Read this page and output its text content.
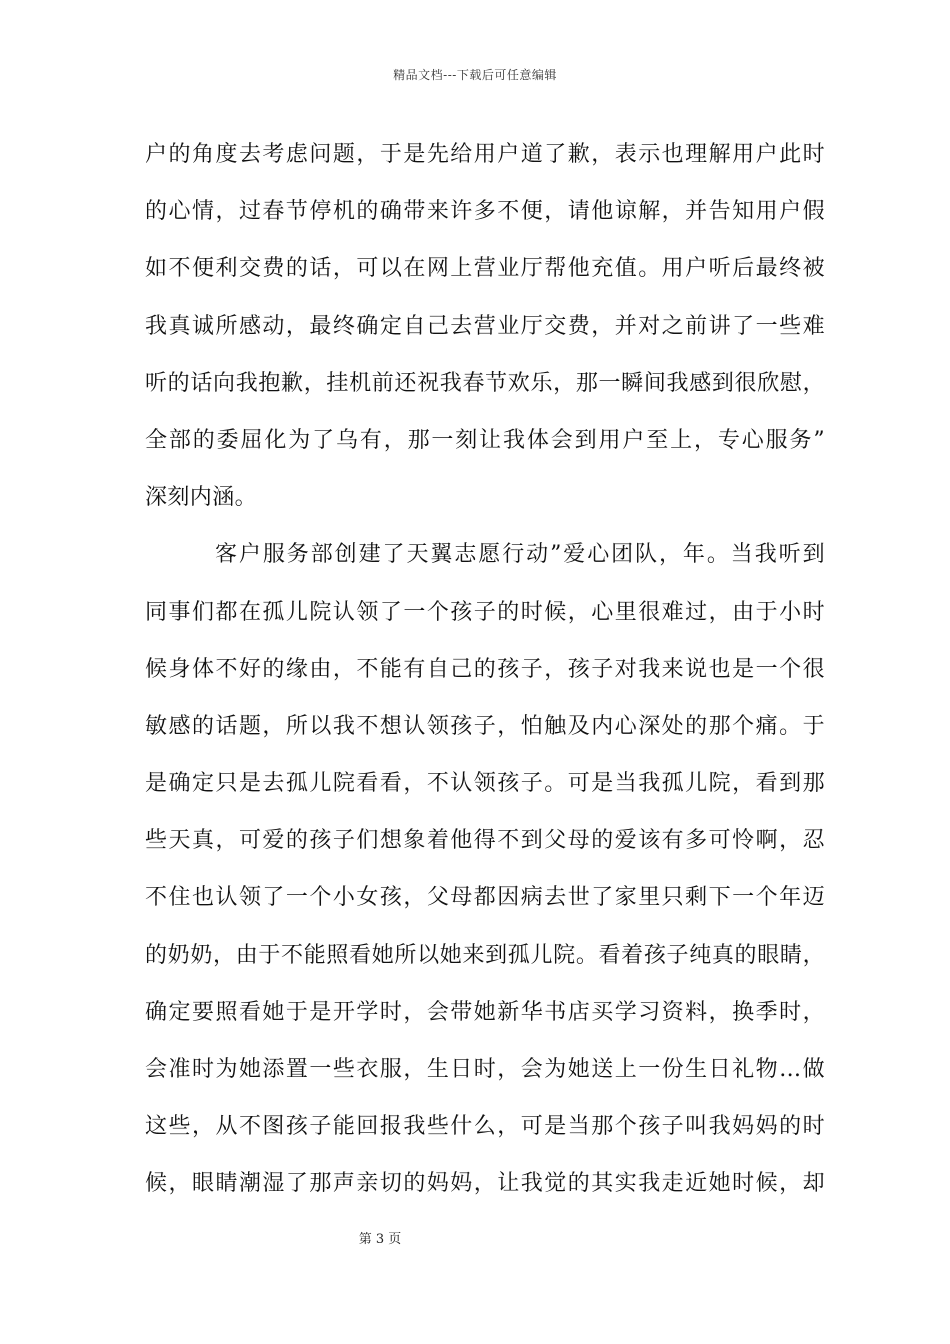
精品文档---下载后可任意编辑
户的角度去考虑问题，于是先给用户道了歉，表示也理解用户此时
的心情，过春节停机的确带来许多不便，请他谅解，并告知用户假
如不便利交费的话，可以在网上营业厅帮他充值。用户听后最终被
我真诚所感动，最终确定自己去营业厅交费，并对之前讲了一些难
听的话向我抱歉，挂机前还祝我春节欢乐，那一瞬间我感到很欣慰，
全部的委屈化为了乌有，那一刻让我体会到用户至上，专心服务”
深刻内涵。
客户服务部创建了天翼志愿行动”爱心团队，年。当我听到
同事们都在孤儿院认领了一个孩子的时候，心里很难过，由于小时
候身体不好的缘由，不能有自己的孩子，孩子对我来说也是一个很
敏感的话题，所以我不想认领孩子，怕触及内心深处的那个痛。于
是确定只是去孤儿院看看，不认领孩子。可是当我孤儿院，看到那
些天真，可爱的孩子们想象着他得不到父母的爱该有多可怜啊，忍
不住也认领了一个小女孩，父母都因病去世了家里只剩下一个年迈
的奶奶，由于不能照看她所以她来到孤儿院。看着孩子纯真的眼睛，
确定要照看她于是开学时，会带她新华书店买学习资料，换季时，
会准时为她添置一些衣服，生日时，会为她送上一份生日礼物…做
这些，从不图孩子能回报我些什么，可是当那个孩子叫我妈妈的时
候，眼睛潮湿了那声亲切的妈妈，让我觉的其实我走近她时候，却
第 3 页
